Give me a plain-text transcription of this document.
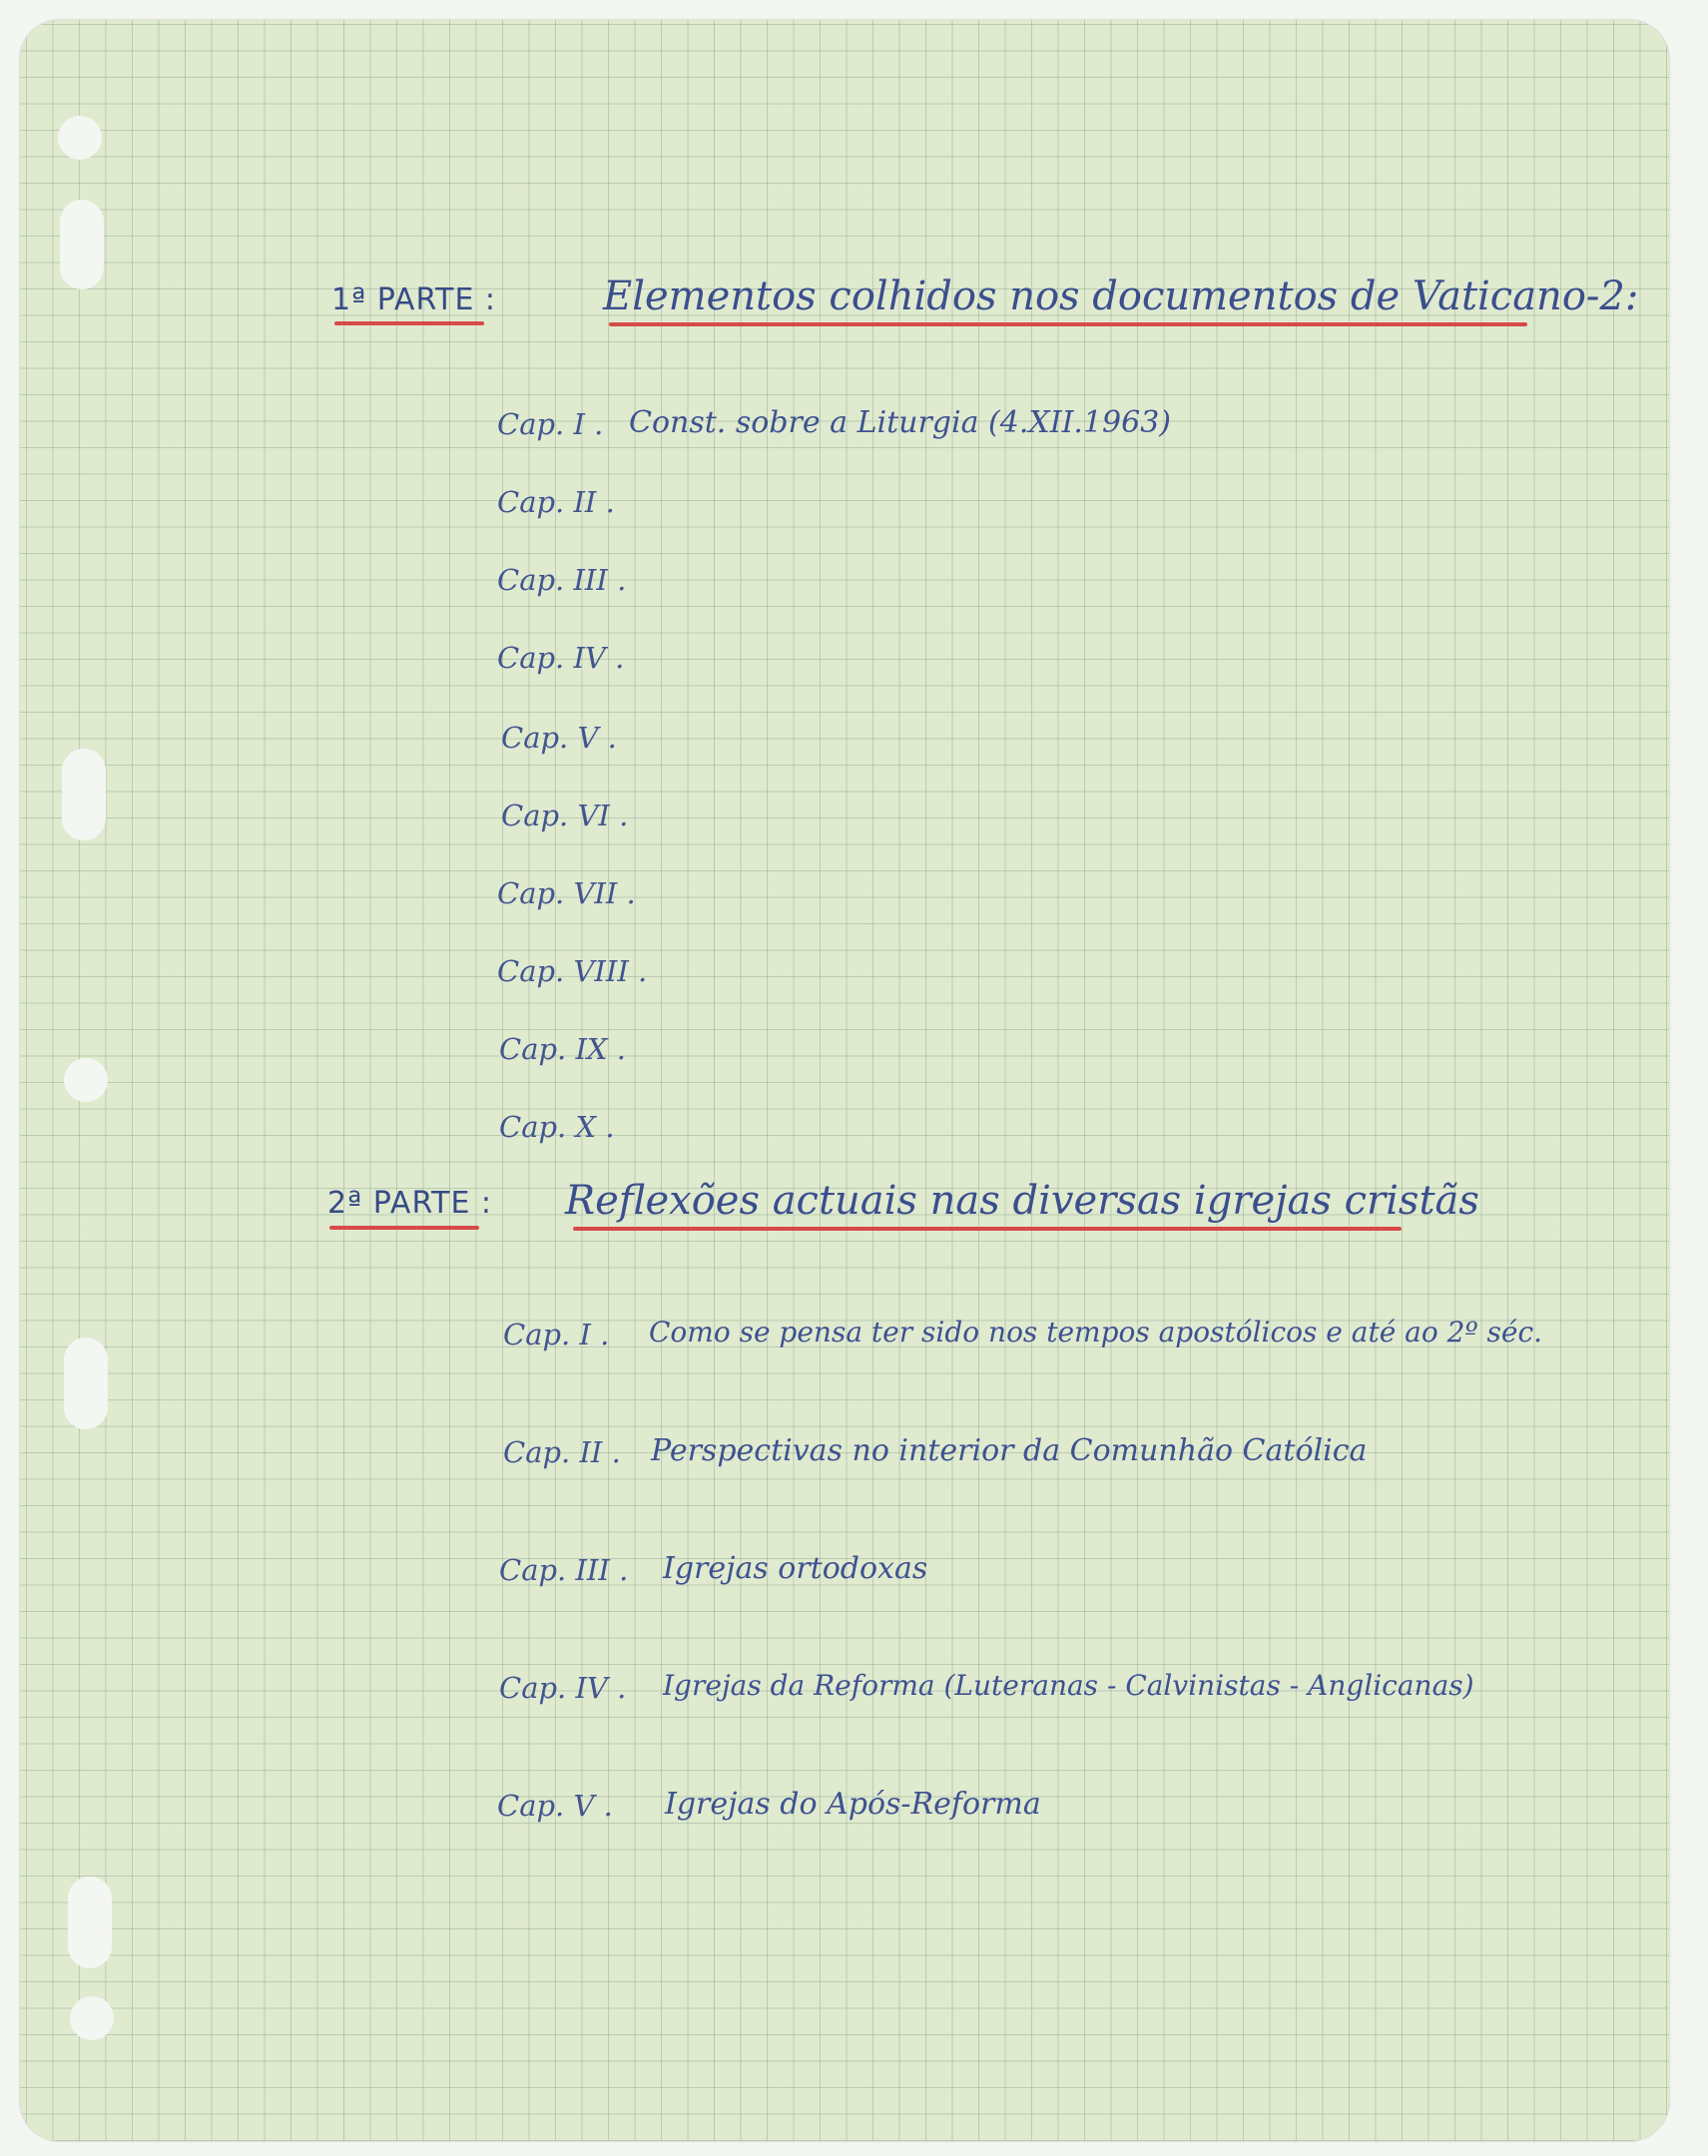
1ª PARTE :	Elementos colhidos nos documentos de Vaticano-2:
Cap. I . Const. sobre a Liturgia (4.XII.1963)
Cap. II .
Cap. III .
Cap. IV .
Cap. V .
Cap. VI .
Cap. VII .
Cap. VIII .
Cap. IX .
Cap. X .
2ª PARTE : Reflexões actuais nas diversas igrejas cristãs
Cap. I . Como se pensa ter sido nos tempos apostólicos e até ao 2º séc.
Cap. II . Perspectivas no interior da Comunhão Católica
Cap. III . Igrejas ortodoxas
Cap. IV . Igrejas da Reforma (Luteranas - Calvinistas - Anglicanas)
Cap. V . Igrejas do Após-Reforma
